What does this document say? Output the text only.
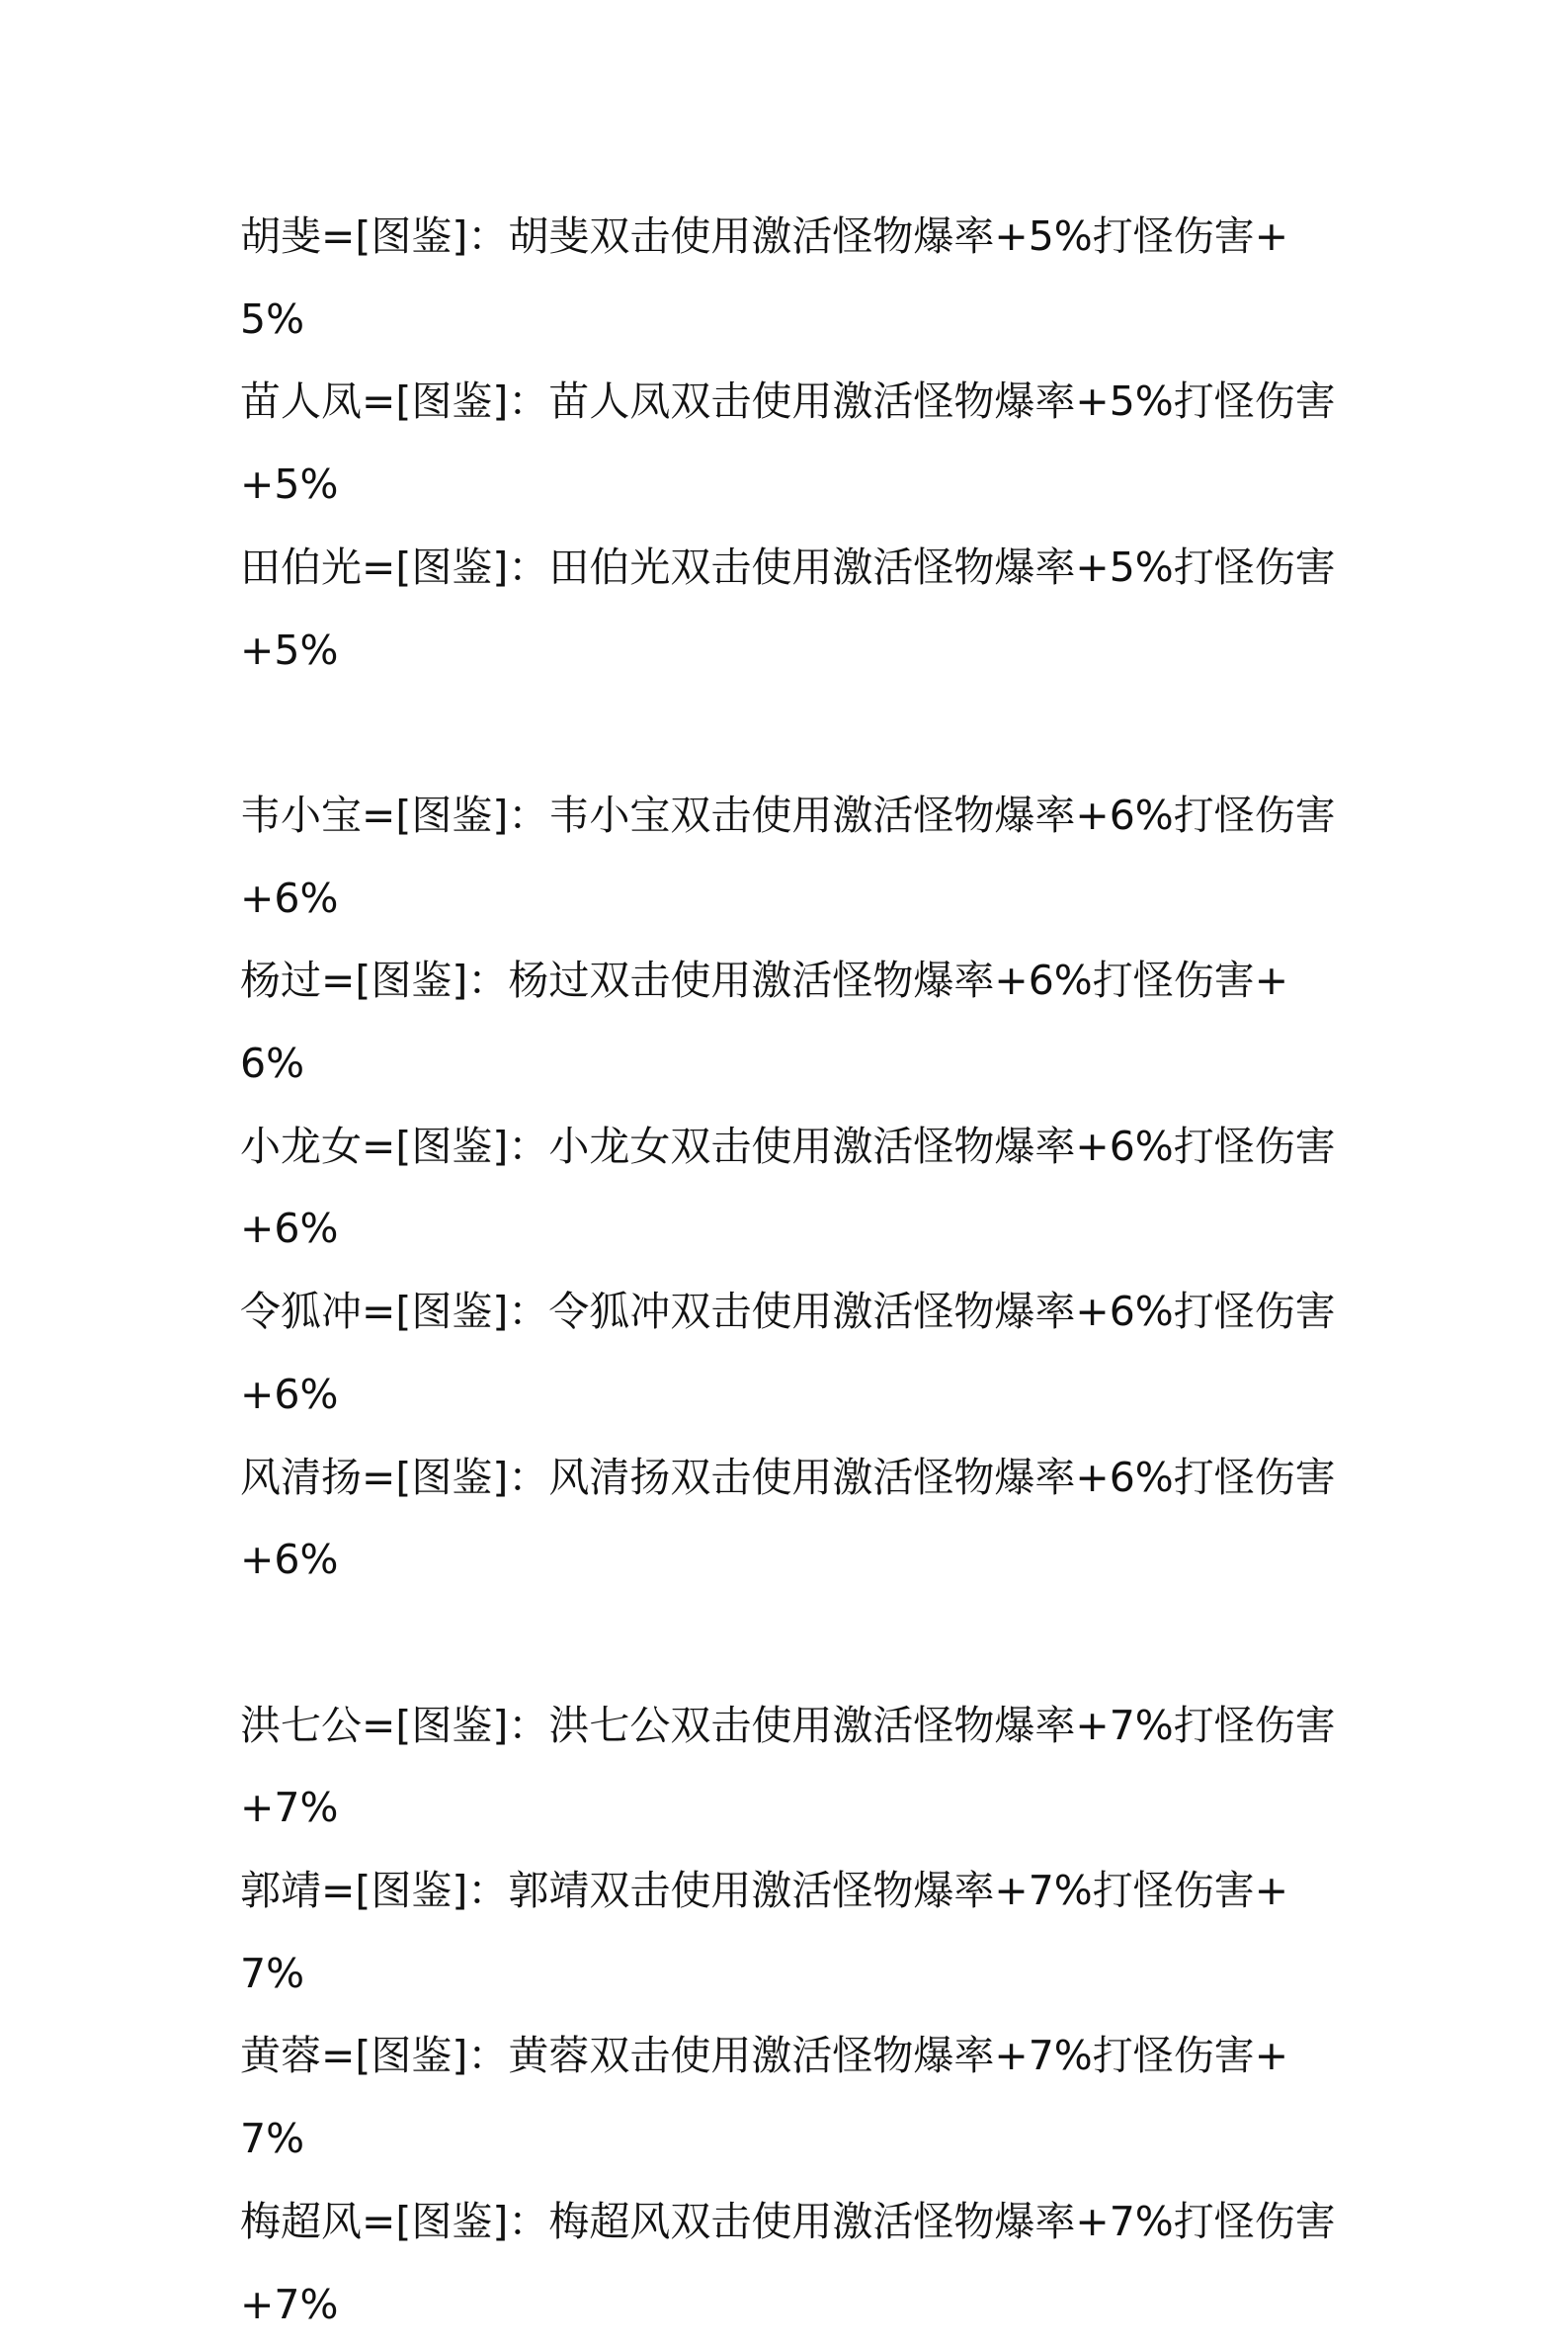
胡斐=[图鉴]：胡斐双击使用激活怪物爆率+5%打怪伤害+5%

苗人凤=[图鉴]：苗人凤双击使用激活怪物爆率+5%打怪伤害+5%

田伯光=[图鉴]：田伯光双击使用激活怪物爆率+5%打怪伤害+5%

韦小宝=[图鉴]：韦小宝双击使用激活怪物爆率+6%打怪伤害+6%

杨过=[图鉴]：杨过双击使用激活怪物爆率+6%打怪伤害+6%

小龙女=[图鉴]：小龙女双击使用激活怪物爆率+6%打怪伤害+6%

令狐冲=[图鉴]：令狐冲双击使用激活怪物爆率+6%打怪伤害+6%

风清扬=[图鉴]：风清扬双击使用激活怪物爆率+6%打怪伤害+6%

洪七公=[图鉴]：洪七公双击使用激活怪物爆率+7%打怪伤害+7%

郭靖=[图鉴]：郭靖双击使用激活怪物爆率+7%打怪伤害+7%

黄蓉=[图鉴]：黄蓉双击使用激活怪物爆率+7%打怪伤害+7%

梅超风=[图鉴]：梅超风双击使用激活怪物爆率+7%打怪伤害+7%
